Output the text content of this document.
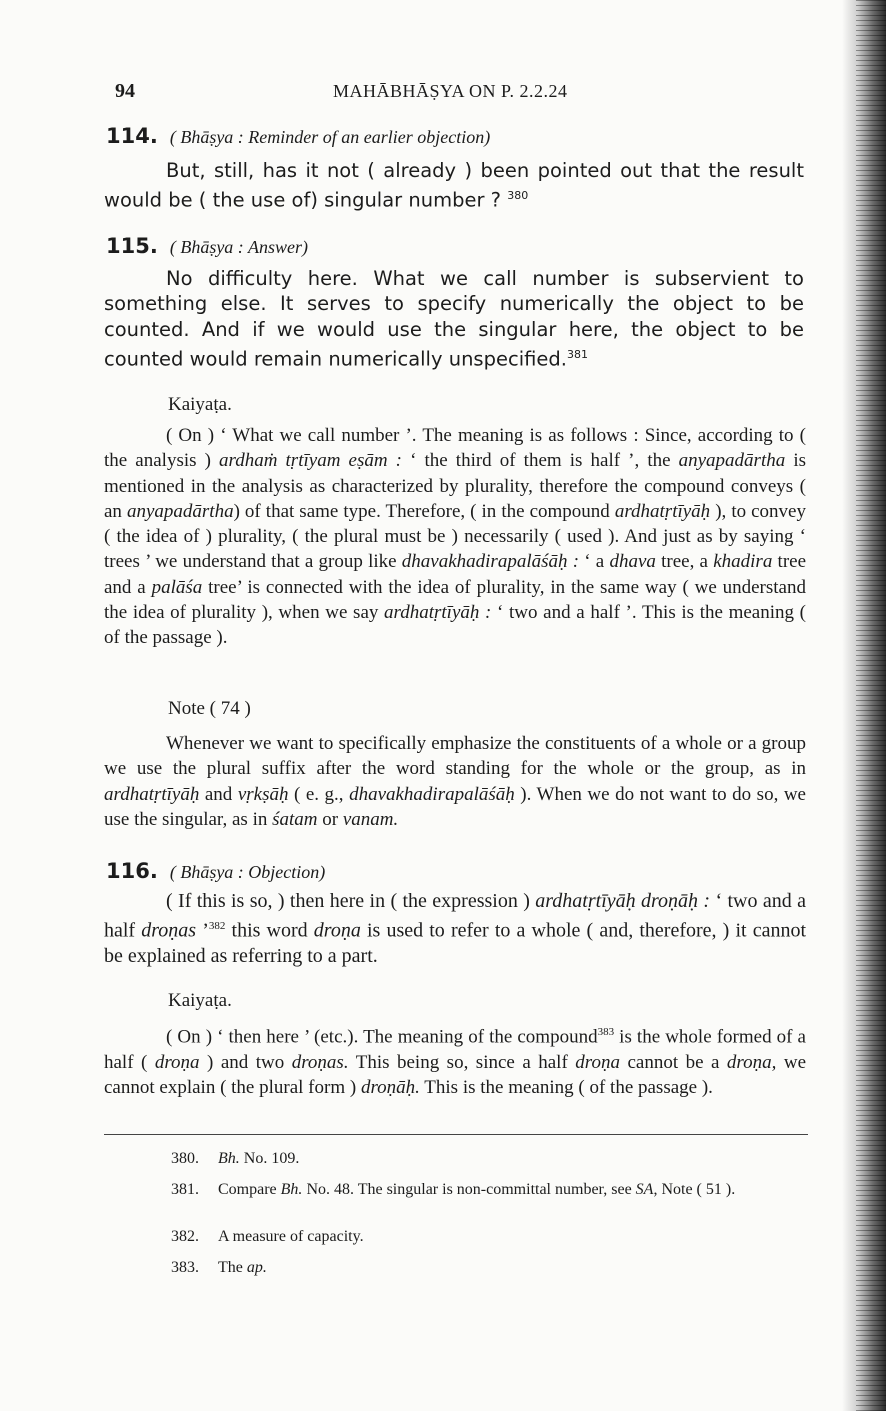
94	MAHĀBHĀṢYA ON P. 2.2.24
114. ( Bhāṣya : Reminder of an earlier objection)

But, still, has it not ( already ) been pointed out that the result would be ( the use of) singular number ? $^{380}$

115. ( Bhāṣya : Answer)

No difficulty here. What we call number is subservient to something else. It serves to specify numerically the object to be counted. And if we would use the singular here, the object to be counted would remain numerically unspecified.$^{381}$

Kaiyaṭa.

( On ) ‘ What we call number ’. The meaning is as follows : Since, according to ( the analysis ) ardhaṁ tṛtīyam eṣām : ‘ the third of them is half ’, the anyapadārtha is mentioned in the analysis as characterized by plurality, therefore the compound conveys ( an anyapadārtha) of that same type. Therefore, ( in the compound ardhatṛtīyāḥ ), to convey ( the idea of ) plurality, ( the plural must be ) necessarily ( used ). And just as by saying ‘ trees ’ we understand that a group like dhavakhadirapalāśāḥ : ‘ a dhava tree, a khadira tree and a palāśa tree’ is connected with the idea of plurality, in the same way ( we understand the idea of plurality ), when we say ardhatṛtīyāḥ : ‘ two and a half ’. This is the meaning ( of the passage ).

Note ( 74 )

Whenever we want to specifically emphasize the constituents of a whole or a group we use the plural suffix after the word standing for the whole or the group, as in ardhatṛtīyāḥ and vṛkṣāḥ ( e. g., dhavakhadirapalāśāḥ ). When we do not want to do so, we use the singular, as in śatam or vanam.

116. ( Bhāṣya : Objection)

( If this is so, ) then here in ( the expression ) ardhatṛtīyāḥ droṇāḥ : ‘ two and a half droṇas ’$^{382}$ this word droṇa is used to refer to a whole ( and, therefore, ) it cannot be explained as referring to a part.

Kaiyaṭa.

( On ) ‘ then here ’ (etc.). The meaning of the compound$^{383}$ is the whole formed of a half ( droṇa ) and two droṇas. This being so, since a half droṇa cannot be a droṇa, we cannot explain ( the plural form ) droṇāḥ. This is the meaning ( of the passage ).

380. Bh. No. 109.

381. Compare Bh. No. 48. The singular is non-committal number, see SA, Note ( 51 ).

382. A measure of capacity.
383. The ap.
